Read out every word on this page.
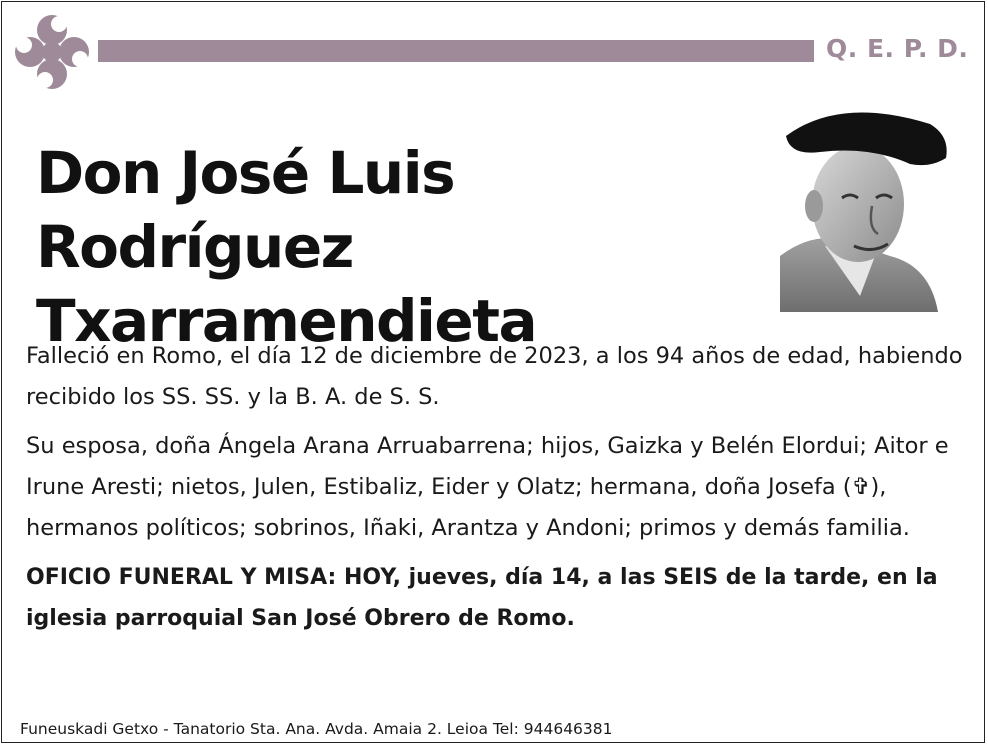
Q. E. P. D.
Don José Luis Rodríguez
Txarramendieta

Falleció en Romo, el día 12 de diciembre de 2023, a los 94 años de edad, habiendo recibido los SS. SS. y la B. A. de S. S.

Su esposa, doña Ángela Arana Arruabarrena; hijos, Gaizka y Belén Elordui; Aitor e Irune Aresti; nietos, Julen, Estibaliz, Eider y Olatz; hermana, doña Josefa (✞), hermanos políticos; sobrinos, Iñaki, Arantza y Andoni; primos y demás familia.

OFICIO FUNERAL Y MISA: HOY, jueves, día 14, a las SEIS de la tarde, en la iglesia parroquial San José Obrero de Romo.

Funeuskadi Getxo - Tanatorio Sta. Ana. Avda. Amaia 2. Leioa Tel: 944646381
